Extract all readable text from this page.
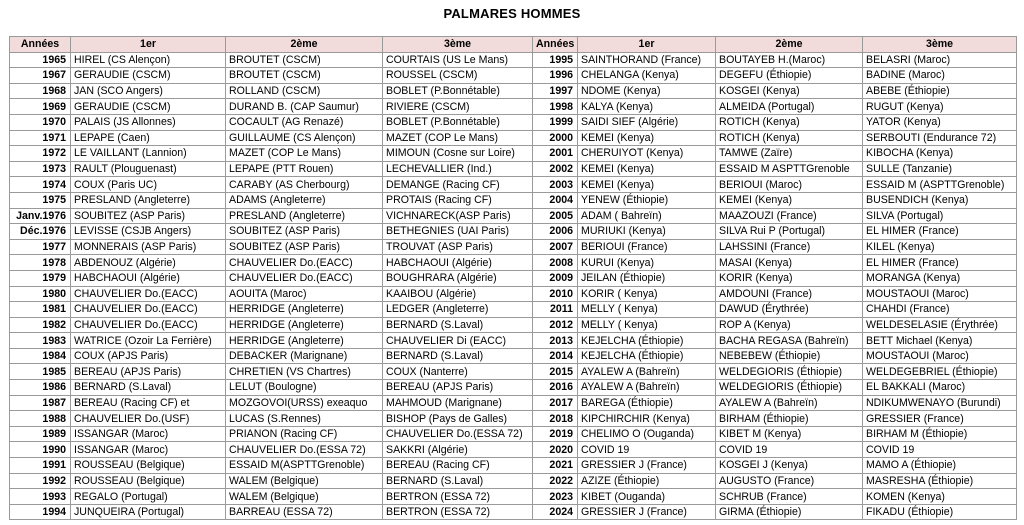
PALMARES HOMMES
Années	1er	2ème	3ème	Années	1er	2ème	3ème
1965	HIREL (CS Alençon)	BROUTET (CSCM)	COURTAIS (US Le Mans)	1995	SAINTHORAND (France)	BOUTAYEB H.(Maroc)	BELASRI (Maroc)
1967	GERAUDIE (CSCM)	BROUTET (CSCM)	ROUSSEL (CSCM)	1996	CHELANGA (Kenya)	DEGEFU (Éthiopie)	BADINE (Maroc)
1968	JAN (SCO Angers)	ROLLAND (CSCM)	BOBLET (P.Bonnétable)	1997	NDOME (Kenya)	KOSGEI (Kenya)	ABEBE (Éthiopie)
1969	GERAUDIE (CSCM)	DURAND B. (CAP Saumur)	RIVIERE (CSCM)	1998	KALYA (Kenya)	ALMEIDA (Portugal)	RUGUT (Kenya)
1970	PALAIS (JS Allonnes)	COCAULT (AG Renazé)	BOBLET (P.Bonnétable)	1999	SAIDI SIEF (Algérie)	ROTICH (Kenya)	YATOR (Kenya)
1971	LEPAPE (Caen)	GUILLAUME (CS Alençon)	MAZET (COP Le Mans)	2000	KEMEI (Kenya)	ROTICH (Kenya)	SERBOUTI (Endurance 72)
1972	LE VAILLANT (Lannion)	MAZET (COP Le Mans)	MIMOUN (Cosne sur Loire)	2001	CHERUIYOT (Kenya)	TAMWE (Zaïre)	KIBOCHA (Kenya)
1973	RAULT (Plouguenast)	LEPAPE (PTT Rouen)	LECHEVALLIER (Ind.)	2002	KEMEI (Kenya)	ESSAID M ASPTTGrenoble	SULLE (Tanzanie)
1974	COUX (Paris UC)	CARABY (AS Cherbourg)	DEMANGE (Racing CF)	2003	KEMEI (Kenya)	BERIOUI (Maroc)	ESSAID M (ASPTTGrenoble)
1975	PRESLAND (Angleterre)	ADAMS (Angleterre)	PROTAIS (Racing CF)	2004	YENEW (Éthiopie)	KEMEI (Kenya)	BUSENDICH (Kenya)
Janv.1976	SOUBITEZ (ASP Paris)	PRESLAND (Angleterre)	VICHNARECK(ASP Paris)	2005	ADAM ( Bahreïn)	MAAZOUZI (France)	SILVA (Portugal)
Déc.1976	LEVISSE (CSJB Angers)	SOUBITEZ (ASP Paris)	BETHEGNIES (UAI Paris)	2006	MURIUKI (Kenya)	SILVA Rui P (Portugal)	EL HIMER (France)
1977	MONNERAIS (ASP Paris)	SOUBITEZ (ASP Paris)	TROUVAT (ASP Paris)	2007	BERIOUI (France)	LAHSSINI (France)	KILEL (Kenya)
1978	ABDENOUZ (Algérie)	CHAUVELIER Do.(EACC)	HABCHAOUI (Algérie)	2008	KURUI (Kenya)	MASAI (Kenya)	EL HIMER (France)
1979	HABCHAOUI (Algérie)	CHAUVELIER Do.(EACC)	BOUGHRARA (Algérie)	2009	JEILAN (Éthiopie)	KORIR (Kenya)	MORANGA (Kenya)
1980	CHAUVELIER Do.(EACC)	AOUITA (Maroc)	KAAIBOU (Algérie)	2010	KORIR ( Kenya)	AMDOUNI (France)	MOUSTAOUI (Maroc)
1981	CHAUVELIER Do.(EACC)	HERRIDGE (Angleterre)	LEDGER (Angleterre)	2011	MELLY ( Kenya)	DAWUD (Érythrée)	CHAHDI (France)
1982	CHAUVELIER Do.(EACC)	HERRIDGE (Angleterre)	BERNARD (S.Laval)	2012	MELLY ( Kenya)	ROP A (Kenya)	WELDESELASIE (Érythrée)
1983	WATRICE (Ozoir La Ferrière)	HERRIDGE (Angleterre)	CHAUVELIER Di (EACC)	2013	KEJELCHA (Éthiopie)	BACHA REGASA (Bahreïn)	BETT Michael (Kenya)
1984	COUX (APJS Paris)	DEBACKER (Marignane)	BERNARD (S.Laval)	2014	KEJELCHA (Éthiopie)	NEBEBEW (Éthiopie)	MOUSTAOUI (Maroc)
1985	BEREAU (APJS Paris)	CHRETIEN (VS Chartres)	COUX (Nanterre)	2015	AYALEW A (Bahreïn)	WELDEGIORIS (Éthiopie)	WELDEGEBRIEL (Éthiopie)
1986	BERNARD (S.Laval)	LELUT (Boulogne)	BEREAU (APJS Paris)	2016	AYALEW A (Bahreïn)	WELDEGIORIS (Éthiopie)	EL BAKKALI (Maroc)
1987	BEREAU (Racing CF) et	MOZGOVOI(URSS) exeaquo	MAHMOUD (Marignane)	2017	BAREGA (Éthiopie)	AYALEW A (Bahreïn)	NDIKUMWENAYO (Burundi)
1988	CHAUVELIER Do.(USF)	LUCAS (S.Rennes)	BISHOP (Pays de Galles)	2018	KIPCHIRCHIR (Kenya)	BIRHAM (Éthiopie)	GRESSIER (France)
1989	ISSANGAR (Maroc)	PRIANON (Racing CF)	CHAUVELIER Do.(ESSA 72)	2019	CHELIMO O (Ouganda)	KIBET M (Kenya)	BIRHAM M (Éthiopie)
1990	ISSANGAR (Maroc)	CHAUVELIER Do.(ESSA 72)	SAKKRI (Algérie)	2020	COVID 19	COVID 19	COVID 19
1991	ROUSSEAU (Belgique)	ESSAID M(ASPTTGrenoble)	BEREAU (Racing CF)	2021	GRESSIER J (France)	KOSGEI J (Kenya)	MAMO A (Éthiopie)
1992	ROUSSEAU (Belgique)	WALEM (Belgique)	BERNARD (S.Laval)	2022	AZIZE (Éthiopie)	AUGUSTO (France)	MASRESHA (Éthiopie)
1993	REGALO (Portugal)	WALEM (Belgique)	BERTRON (ESSA 72)	2023	KIBET (Ouganda)	SCHRUB (France)	KOMEN (Kenya)
1994	JUNQUEIRA (Portugal)	BARREAU (ESSA 72)	BERTRON (ESSA 72)	2024	GRESSIER J (France)	GIRMA (Éthiopie)	FIKADU (Éthiopie)
